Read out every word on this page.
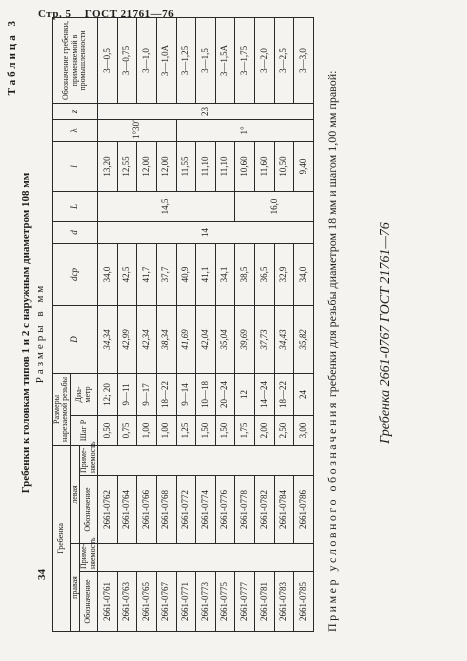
Стр. 5 ГОСТ 21761—76
34
Таблица 3
Гребенки к головкам типов 1 и 2 с наружным диаметром 108 мм Размеры в мм
Гребенка				Размеры нарезаемой резьбы		D	dср	d	L	l	λ	z	Обозначение гребенки, применяемой в промышленности
правая		левая		Шаг P	Диа-
метр								
Обозначение	Приме-
няемость	Обозначение	Приме-
няемость										
2661-0761		2661-0762		0,50	12; 20	34,34	34,0	14	14,5	13,20	1°30′	23	3—0,5
2661-0763		2661-0764		0,75	9—11	42,99	42,5			12,55			3—0,75
2661-0765		2661-0766		1,00	9—17	42,34	41,7			12,00			3—1,0
2661-0767		2661-0768		1,00	18—22	38,34	37,7			12,00			3—1,0А
2661-0771		2661-0772		1,25	9—14	41,69	40,9			11,55	1°		3—1,25
2661-0773		2661-0774		1,50	10—18	42,04	41,1			11,10			3—1,5
2661-0775		2661-0776		1,50	20—24	35,04	34,1			11,10			3—1,5А
2661-0777		2661-0778		1,75	12	39,69	38,5		16,0	10,60			3—1,75
2661-0781		2661-0782		2,00	14—24	37,73	36,5			11,60			3—2,0
2661-0783		2661-0784		2,50	18—22	34,43	32,9			10,50			3—2,5
2661-0785		2661-0786		3,00	24	35,82	34,0			9,40			3—3,0
Пример условного обозначения гребенки для резьбы диаметром 18 мм и шагом 1,00 мм правой:	Гребенка 2661-0767 ГОСТ 21761—76
